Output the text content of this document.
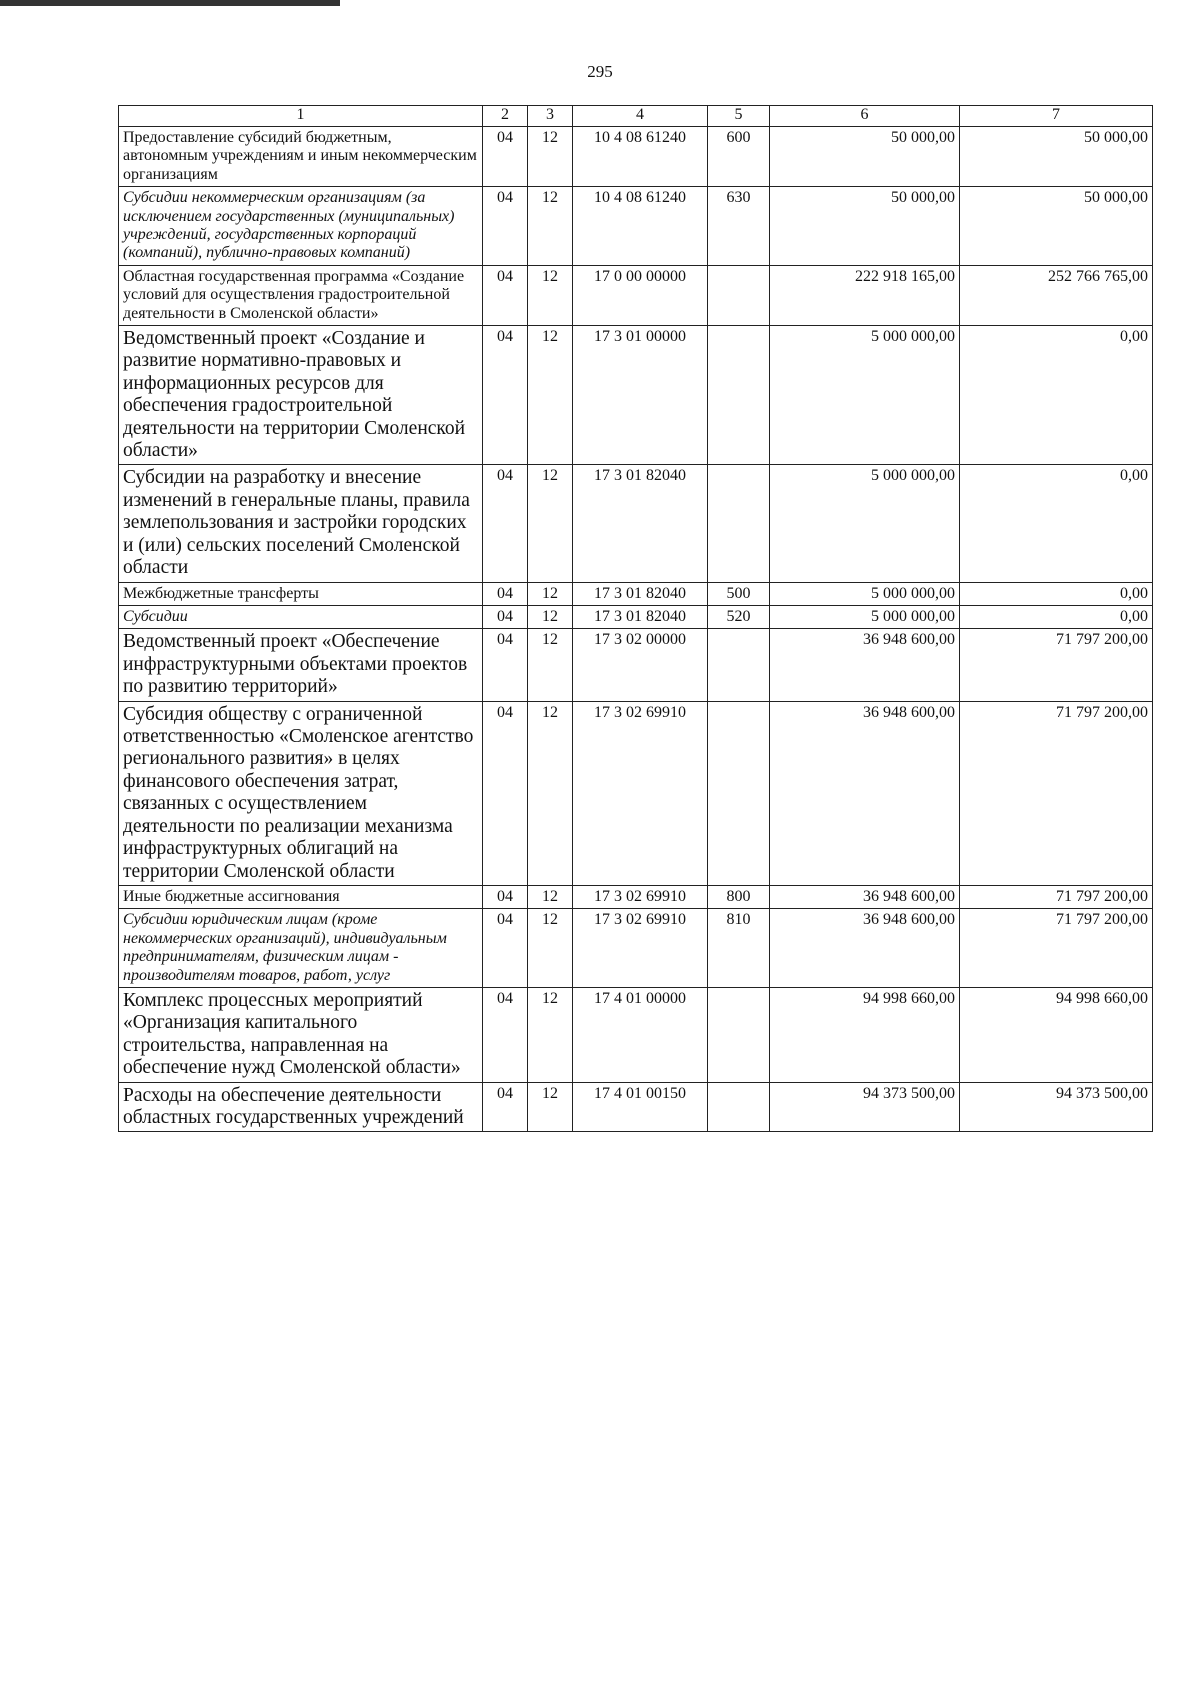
295
1	2	3	4	5	6	7
Предоставление субсидий бюджетным, автономным учреждениям и иным некоммерческим организациям	04	12	10 4 08 61240	600	50 000,00	50 000,00
Субсидии некоммерческим организациям (за исключением государственных (муниципальных) учреждений, государственных корпораций (компаний), публично-правовых компаний)	04	12	10 4 08 61240	630	50 000,00	50 000,00
Областная государственная программа «Создание условий для осуществления градостроительной деятельности в Смоленской области»	04	12	17 0 00 00000		222 918 165,00	252 766 765,00
Ведомственный проект «Создание и развитие нормативно-правовых и информационных ресурсов для обеспечения градостроительной деятельности на территории Смоленской области»	04	12	17 3 01 00000		5 000 000,00	0,00
Субсидии на разработку и внесение изменений в генеральные планы, правила землепользования и застройки городских и (или) сельских поселений Смоленской области	04	12	17 3 01 82040		5 000 000,00	0,00
Межбюджетные трансферты	04	12	17 3 01 82040	500	5 000 000,00	0,00
Субсидии	04	12	17 3 01 82040	520	5 000 000,00	0,00
Ведомственный проект «Обеспечение инфраструктурными объектами проектов по развитию территорий»	04	12	17 3 02 00000		36 948 600,00	71 797 200,00
Субсидия обществу с ограниченной ответственностью «Смоленское агентство регионального развития» в целях финансового обеспечения затрат, связанных с осуществлением деятельности по реализации механизма инфраструктурных облигаций на территории Смоленской области	04	12	17 3 02 69910		36 948 600,00	71 797 200,00
Иные бюджетные ассигнования	04	12	17 3 02 69910	800	36 948 600,00	71 797 200,00
Субсидии юридическим лицам (кроме некоммерческих организаций), индивидуальным предпринимателям, физическим лицам - производителям товаров, работ, услуг	04	12	17 3 02 69910	810	36 948 600,00	71 797 200,00
Комплекс процессных мероприятий «Организация капитального строительства, направленная на обеспечение нужд Смоленской области»	04	12	17 4 01 00000		94 998 660,00	94 998 660,00
Расходы на обеспечение деятельности областных государственных учреждений	04	12	17 4 01 00150		94 373 500,00	94 373 500,00
